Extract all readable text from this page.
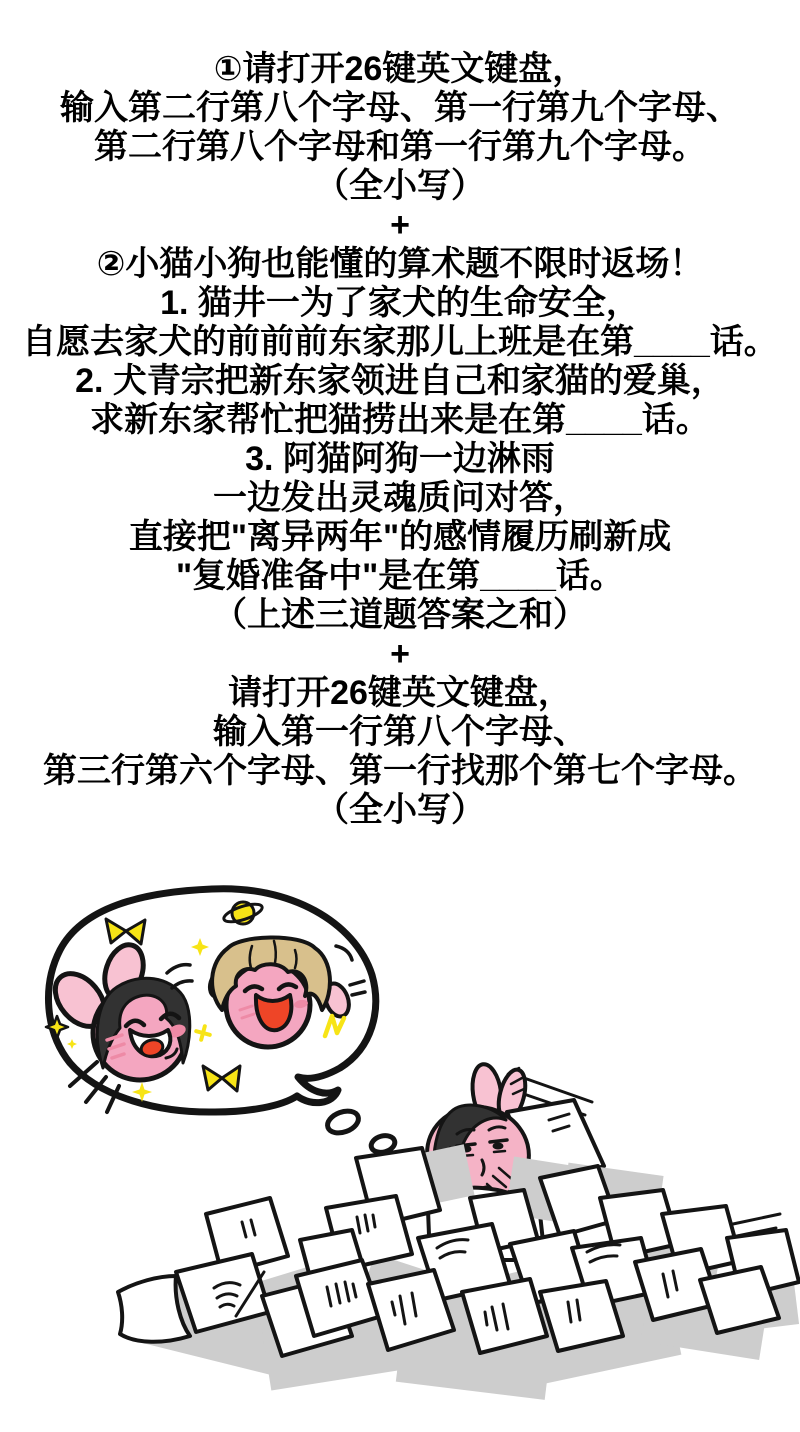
①请打开26键英文键盘，
输入第二行第八个字母、第一行第九个字母、
第二行第八个字母和第一行第九个字母。
（全小写）
+
②小猫小狗也能懂的算术题不限时返场！
1. 猫井一为了家犬的生命安全，
自愿去家犬的前前前东家那儿上班是在第____话。
2. 犬青宗把新东家领进自己和家猫的爱巢，
求新东家帮忙把猫捞出来是在第____话。
3. 阿猫阿狗一边淋雨
一边发出灵魂质问对答，
直接把"离异两年"的感情履历刷新成
"复婚准备中"是在第____话。
（上述三道题答案之和）
+
请打开26键英文键盘，
输入第一行第八个字母、
第三行第六个字母、第一行找那个第七个字母。
（全小写）
